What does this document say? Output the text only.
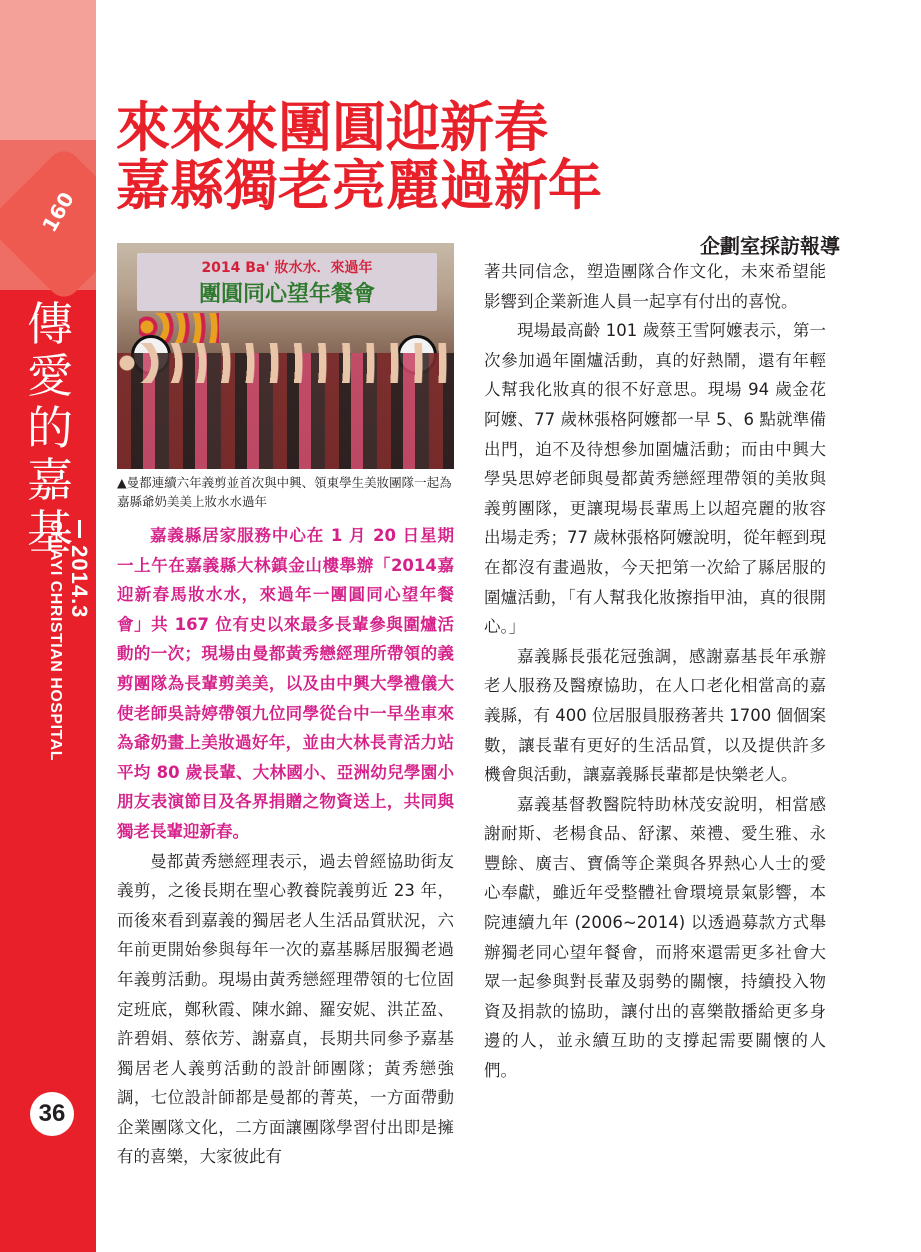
160
傳
愛
的
嘉
基
2014.3
CHIAYI CHRISTIAN HOSPITAL
36
來來來團圓迎新春
嘉縣獨老亮麗過新年
企劃室採訪報導
2014 Ba' 妝水水．來過年
團圓同心望年餐會
▲曼都連續六年義剪並首次與中興、領東學生美妝團隊一起為嘉縣爺奶美美上妝水水過年

嘉義縣居家服務中心在 1 月 20 日星期一上午在嘉義縣大林鎮金山樓舉辦「2014嘉迎新春馬妝水水，來過年一團圓同心望年餐會」共 167 位有史以來最多長輩參與圍爐活動的一次；現場由曼都黃秀戀經理所帶領的義剪團隊為長輩剪美美，以及由中興大學禮儀大使老師吳詩婷帶領九位同學從台中一早坐車來為爺奶畫上美妝過好年，並由大林長青活力站平均 80 歲長輩、大林國小、亞洲幼兒學園小朋友表演節目及各界捐贈之物資送上，共同與獨老長輩迎新春。

曼都黃秀戀經理表示，過去曾經協助街友義剪，之後長期在聖心教養院義剪近 23 年，而後來看到嘉義的獨居老人生活品質狀況，六年前更開始參與每年一次的嘉基縣居服獨老過年義剪活動。現場由黃秀戀經理帶領的七位固定班底，鄭秋霞、陳水錦、羅安妮、洪芷盈、許碧娟、蔡依芳、謝嘉貞，長期共同參予嘉基獨居老人義剪活動的設計師團隊；黃秀戀強調，七位設計師都是曼都的菁英，一方面帶動企業團隊文化，二方面讓團隊學習付出即是擁有的喜樂，大家彼此有

著共同信念，塑造團隊合作文化，未來希望能影響到企業新進人員一起享有付出的喜悅。

現場最高齡 101 歲蔡王雪阿嬤表示，第一次參加過年圍爐活動，真的好熱鬧，還有年輕人幫我化妝真的很不好意思。現場 94 歲金花阿嬤、77 歲林張格阿嬤都一早 5、6 點就準備出門，迫不及待想參加圍爐活動；而由中興大學吳思婷老師與曼都黃秀戀經理帶領的美妝與義剪團隊，更讓現場長輩馬上以超亮麗的妝容出場走秀；77 歲林張格阿嬤說明，從年輕到現在都沒有畫過妝，今天把第一次給了縣居服的圍爐活動，「有人幫我化妝擦指甲油，真的很開心。」

嘉義縣長張花冠強調，感謝嘉基長年承辦老人服務及醫療協助，在人口老化相當高的嘉義縣，有 400 位居服員服務著共 1700 個個案數，讓長輩有更好的生活品質，以及提供許多機會與活動，讓嘉義縣長輩都是快樂老人。

嘉義基督教醫院特助林茂安說明，相當感謝耐斯、老楊食品、舒潔、萊禮、愛生雅、永豐餘、廣吉、寶僑等企業與各界熱心人士的愛心奉獻，雖近年受整體社會環境景氣影響，本院連續九年 (2006~2014) 以透過募款方式舉辦獨老同心望年餐會，而將來還需更多社會大眾一起參與對長輩及弱勢的關懷，持續投入物資及捐款的協助，讓付出的喜樂散播給更多身邊的人，並永續互助的支撐起需要關懷的人們。
